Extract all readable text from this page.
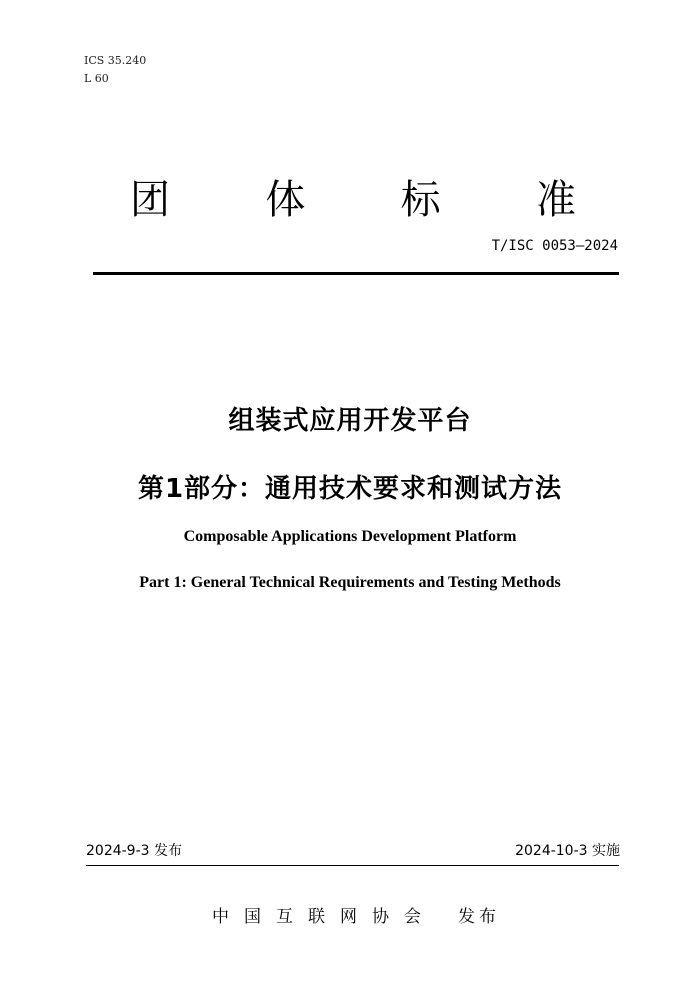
ICS 35.240
L 60
团 体 标 准
T/ISC 0053—2024
组装式应用开发平台
第1部分：通用技术要求和测试方法
Composable Applications Development Platform
Part 1: General Technical Requirements and Testing Methods
2024-9-3 发布	2024-10-3 实施
中国互联网协会 发布
